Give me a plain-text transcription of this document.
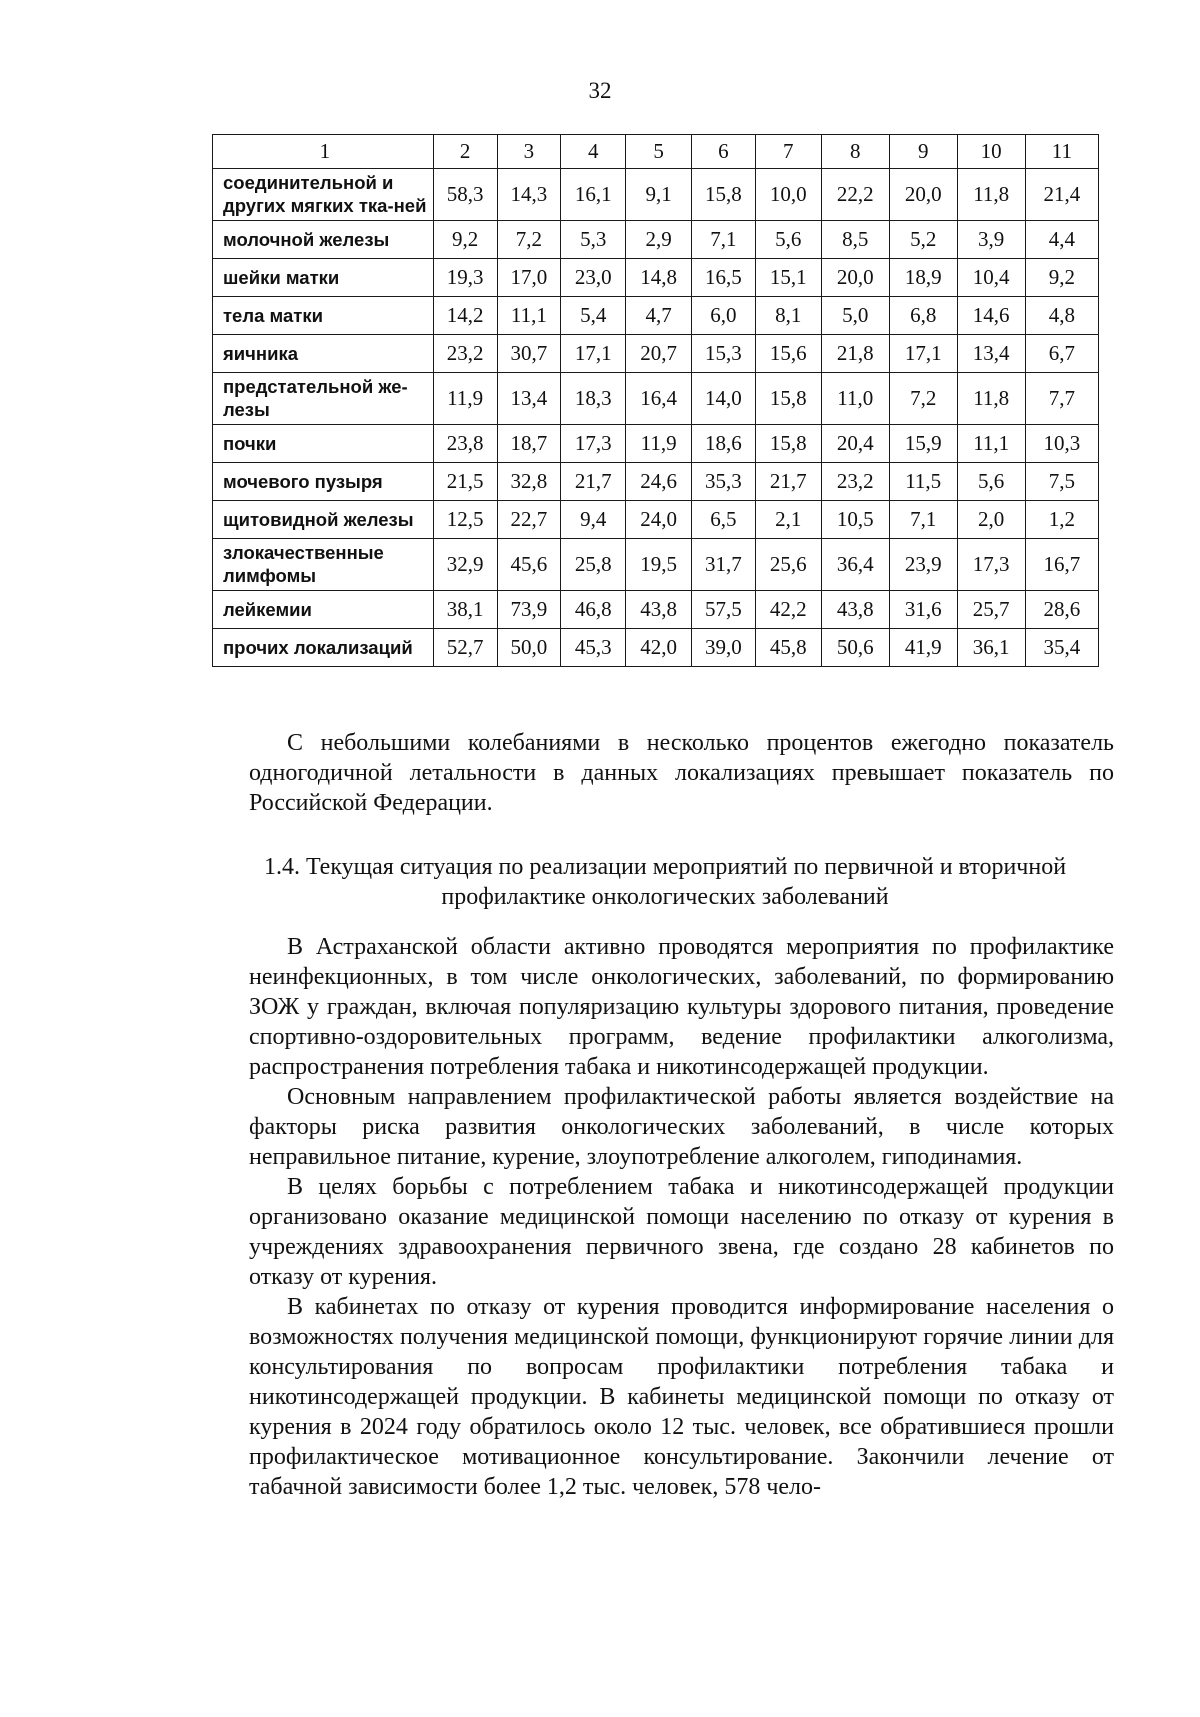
32
1	2	3	4	5	6	7	8	9	10	11
соединительной и других мягких тка-ней	58,3	14,3	16,1	9,1	15,8	10,0	22,2	20,0	11,8	21,4
молочной железы	9,2	7,2	5,3	2,9	7,1	5,6	8,5	5,2	3,9	4,4
шейки матки	19,3	17,0	23,0	14,8	16,5	15,1	20,0	18,9	10,4	9,2
тела матки	14,2	11,1	5,4	4,7	6,0	8,1	5,0	6,8	14,6	4,8
яичника	23,2	30,7	17,1	20,7	15,3	15,6	21,8	17,1	13,4	6,7
предстательной же-лезы	11,9	13,4	18,3	16,4	14,0	15,8	11,0	7,2	11,8	7,7
почки	23,8	18,7	17,3	11,9	18,6	15,8	20,4	15,9	11,1	10,3
мочевого пузыря	21,5	32,8	21,7	24,6	35,3	21,7	23,2	11,5	5,6	7,5
щитовидной железы	12,5	22,7	9,4	24,0	6,5	2,1	10,5	7,1	2,0	1,2
злокачественные лимфомы	32,9	45,6	25,8	19,5	31,7	25,6	36,4	23,9	17,3	16,7
лейкемии	38,1	73,9	46,8	43,8	57,5	42,2	43,8	31,6	25,7	28,6
прочих локализаций	52,7	50,0	45,3	42,0	39,0	45,8	50,6	41,9	36,1	35,4

С небольшими колебаниями в несколько процентов ежегодно показатель одногодичной летальности в данных локализациях превышает показатель по Российской Федерации.

1.4. Текущая ситуация по реализации мероприятий по первичной и вторичной профилактике онкологических заболеваний

В Астраханской области активно проводятся мероприятия по профилактике неинфекционных, в том числе онкологических, заболеваний, по формированию ЗОЖ у граждан, включая популяризацию культуры здорового питания, проведение спортивно-оздоровительных программ, ведение профилактики алкоголизма, распространения потребления табака и никотинсодержащей продукции.

Основным направлением профилактической работы является воздействие на факторы риска развития онкологических заболеваний, в числе которых неправильное питание, курение, злоупотребление алкоголем, гиподинамия.

В целях борьбы с потреблением табака и никотинсодержащей продукции организовано оказание медицинской помощи населению по отказу от курения в учреждениях здравоохранения первичного звена, где создано 28 кабинетов по отказу от курения.

В кабинетах по отказу от курения проводится информирование населения о возможностях получения медицинской помощи, функционируют горячие линии для консультирования по вопросам профилактики потребления табака и никотинсодержащей продукции. В кабинеты медицинской помощи по отказу от курения в 2024 году обратилось около 12 тыс. человек, все обратившиеся прошли профилактическое мотивационное консультирование. Закончили лечение от табачной зависимости более 1,2 тыс. человек, 578 чело-
